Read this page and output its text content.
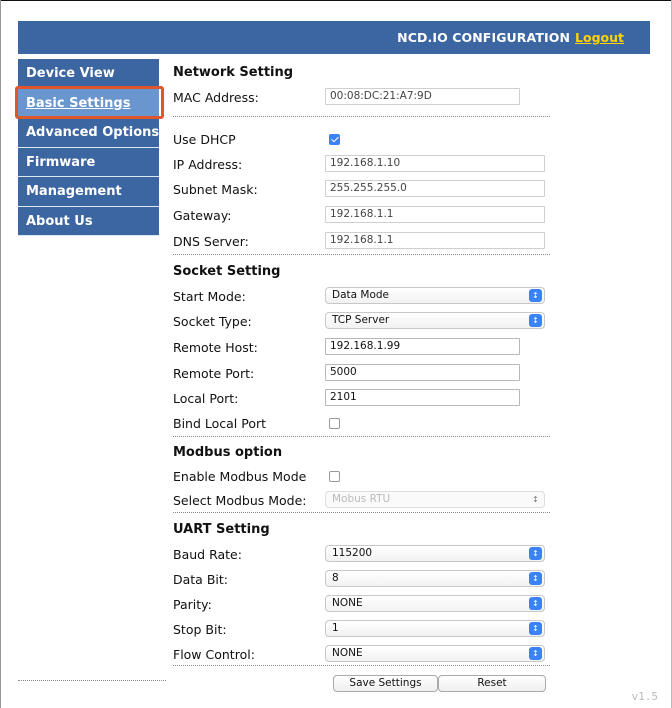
NCD.IO CONFIGURATION Logout
Device View
Basic Settings
Advanced Options
Firmware
Management
About Us
Network Setting
MAC Address:	00:08:DC:21:A7:9D
Use DHCP
IP Address:	192.168.1.10
Subnet Mask:	255.255.255.0
Gateway:	192.168.1.1
DNS Server:	192.168.1.1
Socket Setting
Start Mode:	Data Mode	↕
Socket Type:	TCP Server	↕
Remote Host:	192.168.1.99
Remote Port:	5000
Local Port:	2101
Bind Local Port
Modbus option
Enable Modbus Mode
Select Modbus Mode:	Mobus RTU	↕
UART Setting
Baud Rate:	115200	↕
Data Bit:	8	↕
Parity:	NONE	↕
Stop Bit:	1	↕
Flow Control:	NONE	↕
Save Settings	Reset
v1.5
